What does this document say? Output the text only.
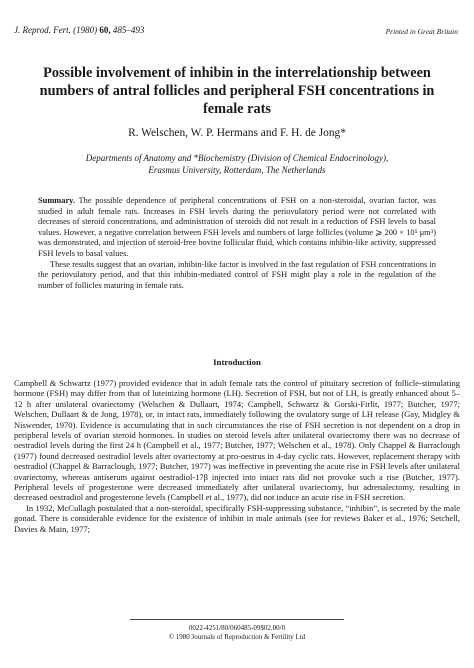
J. Reprod. Fert. (1980) 60, 485–493	Printed in Great Britain
Possible involvement of inhibin in the interrelationship between numbers of antral follicles and peripheral FSH concentrations in female rats
R. Welschen, W. P. Hermans and F. H. de Jong*
Departments of Anatomy and *Biochemistry (Division of Chemical Endocrinology),
Erasmus University, Rotterdam, The Netherlands

Summary. The possible dependence of peripheral concentrations of FSH on a non-steroidal, ovarian factor, was studied in adult female rats. Increases in FSH levels during the periovulatory period were not correlated with decreases of steroid concentrations, and administration of steroids did not result in a reduction of FSH levels to basal values. However, a negative correlation between FSH levels and numbers of large follicles (volume ⩾ 200 × 10⁵ μm³) was demonstrated, and injection of steroid-free bovine follicular fluid, which contains inhibin-like activity, suppressed FSH levels to basal values.

These results suggest that an ovarian, inhibin-like factor is involved in the fast regulation of FSH concentrations in the periovulatory period, and that this inhibin-mediated control of FSH might play a role in the regulation of the number of follicles maturing in female rats.

Introduction

Campbell & Schwartz (1977) provided evidence that in adult female rats the control of pituitary secretion of follicle-stimulating hormone (FSH) may differ from that of luteinizing hormone (LH). Secretion of FSH, but not of LH, is greatly enhanced about 5–12 h after unilateral ovariectomy (Welschen & Dullaart, 1974; Campbell, Schwartz & Gorski-Firlit, 1977; Butcher, 1977; Welschen, Dullaart & de Jong, 1978), or, in intact rats, immediately following the ovulatory surge of LH release (Gay, Midgley & Niswender, 1970). Evidence is accumulating that in such circumstances the rise of FSH secretion is not dependent on a drop in peripheral levels of ovarian steroid hormones. In studies on steroid levels after unilateral ovariectomy there was no decrease of oestradiol levels during the first 24 h (Campbell et al., 1977; Butcher, 1977; Welschen et al., 1978). Only Chappel & Barraclough (1977) found decreased oestradiol levels after ovariectomy at pro-oestrus in 4-day cyclic rats. However, replacement therapy with oestradiol (Chappel & Barraclough, 1977; Butcher, 1977) was ineffective in preventing the acute rise in FSH levels after unilateral ovariectomy, whereas antiserum against oestradiol-17β injected into intact rats did not provoke such a rise (Butcher, 1977). Peripheral levels of progesterone were decreased immediately after unilateral ovariectomy, but adrenalectomy, resulting in decreased oestradiol and progesterone levels (Campbell et al., 1977), did not induce an acute rise in FSH secretion.

In 1932, McCullagh postulated that a non-steroidal, specifically FSH-suppressing substance, “inhibin”, is secreted by the male gonad. There is considerable evidence for the existence of inhibin in male animals (see for reviews Baker et al., 1976; Setchell, Davies & Main, 1977;

0022-4251/80/060485-09$02.00/0
© 1980 Journals of Reproduction & Fertility Ltd
